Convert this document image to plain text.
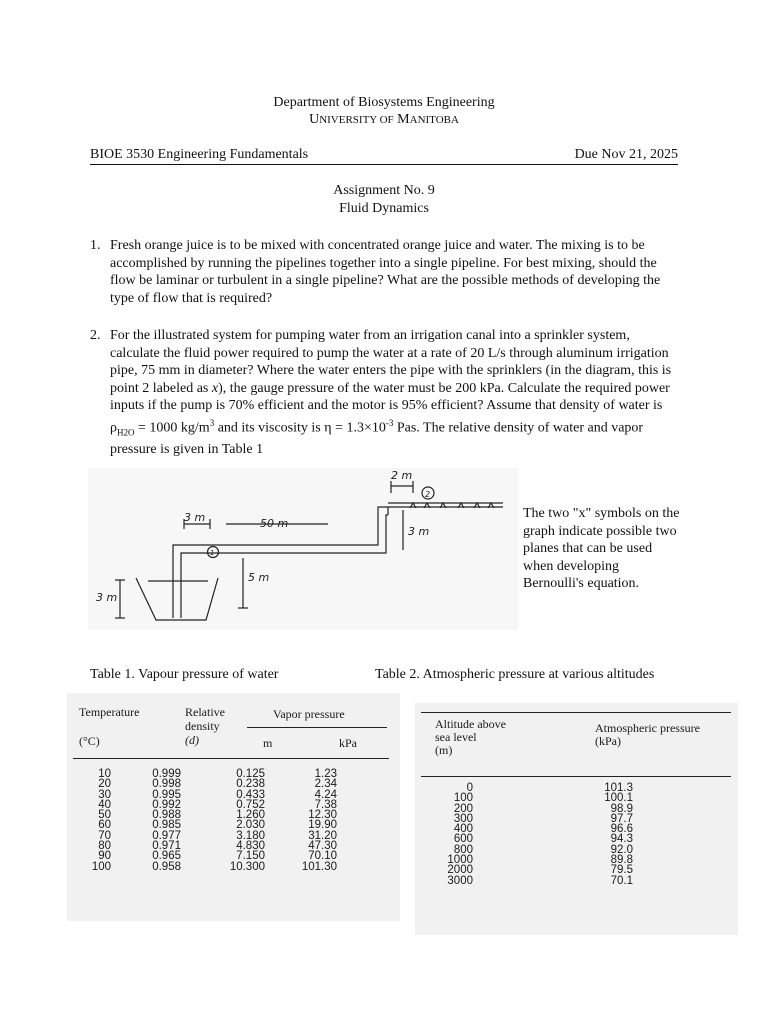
Department of Biosystems Engineering
UNIVERSITY OF MANITOBA
BIOE 3530 Engineering Fundamentals	Due Nov 21, 2025
Assignment No. 9
Fluid Dynamics
1. Fresh orange juice is to be mixed with concentrated orange juice and water. The mixing is to be accomplished by running the pipelines together into a single pipeline. For best mixing, should the flow be laminar or turbulent in a single pipeline? What are the possible methods of developing the type of flow that is required?
2. For the illustrated system for pumping water from an irrigation canal into a sprinkler system, calculate the fluid power required to pump the water at a rate of 20 L/s through aluminum irrigation pipe, 75 mm in diameter? Where the water enters the pipe with the sprinklers (in the diagram, this is point 2 labeled as x), the gauge pressure of the water must be 200 kPa. Calculate the required power inputs if the pump is 70% efficient and the motor is 95% efficient? Assume that density of water is $\rho_{H2O} = 1000$ $kg/m^3$ and its viscosity is $\eta = 1.3\times 10^{-3}$ Pas. The relative density of water and vapor pressure is given in Table 1
3 m	50 m
2 m
3 m
5 m
3 m
1
2
The two "x" symbols on the graph indicate possible two planes that can be used when developing Bernoulli's equation.
Table 1. Vapour pressure of water	Table 2. Atmospheric pressure at various altitudes
Temperature
(°C)
Relative
density
(d)
Vapor pressure
m	kPa
10	0.999	0.125	1.23
20	0.998	0.238	2.34
30	0.995	0.433	4.24
40	0.992	0.752	7.38
50	0.988	1.260	12.30
60	0.985	2.030	19.90
70	0.977	3.180	31.20
80	0.971	4.830	47.30
90	0.965	7.150	70.10
100	0.958	10.300	101.30
Altitude above
sea level
(m)
Atmospheric pressure
(kPa)
0	101.3
100	100.1
200	98.9
300	97.7
400	96.6
600	94.3
800	92.0
1000	89.8
2000	79.5
3000	70.1
